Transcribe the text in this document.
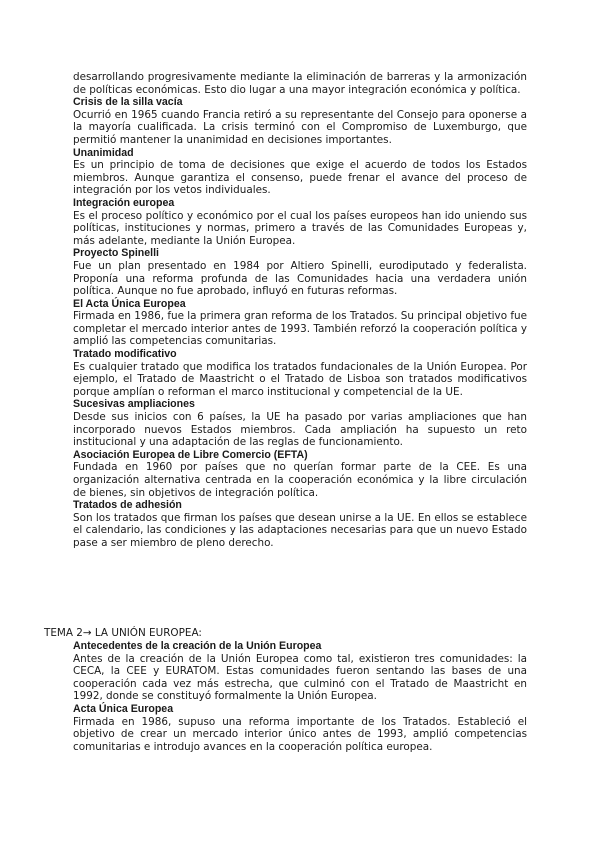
desarrollando progresivamente mediante la eliminación de barreras y la armonización de políticas económicas. Esto dio lugar a una mayor integración económica y política.

Crisis de la silla vacía

Ocurrió en 1965 cuando Francia retiró a su representante del Consejo para oponerse a la mayoría cualificada. La crisis terminó con el Compromiso de Luxemburgo, que permitió mantener la unanimidad en decisiones importantes.

Unanimidad

Es un principio de toma de decisiones que exige el acuerdo de todos los Estados miembros. Aunque garantiza el consenso, puede frenar el avance del proceso de integración por los vetos individuales.

Integración europea

Es el proceso político y económico por el cual los países europeos han ido uniendo sus políticas, instituciones y normas, primero a través de las Comunidades Europeas y, más adelante, mediante la Unión Europea.

Proyecto Spinelli

Fue un plan presentado en 1984 por Altiero Spinelli, eurodiputado y federalista. Proponía una reforma profunda de las Comunidades hacia una verdadera unión política. Aunque no fue aprobado, influyó en futuras reformas.

El Acta Única Europea

Firmada en 1986, fue la primera gran reforma de los Tratados. Su principal objetivo fue completar el mercado interior antes de 1993. También reforzó la cooperación política y amplió las competencias comunitarias.

Tratado modificativo

Es cualquier tratado que modifica los tratados fundacionales de la Unión Europea. Por ejemplo, el Tratado de Maastricht o el Tratado de Lisboa son tratados modificativos porque amplían o reforman el marco institucional y competencial de la UE.

Sucesivas ampliaciones

Desde sus inicios con 6 países, la UE ha pasado por varias ampliaciones que han incorporado nuevos Estados miembros. Cada ampliación ha supuesto un reto institucional y una adaptación de las reglas de funcionamiento.

Asociación Europea de Libre Comercio (EFTA)

Fundada en 1960 por países que no querían formar parte de la CEE. Es una organización alternativa centrada en la cooperación económica y la libre circulación de bienes, sin objetivos de integración política.

Tratados de adhesión

Son los tratados que firman los países que desean unirse a la UE. En ellos se establece el calendario, las condiciones y las adaptaciones necesarias para que un nuevo Estado pase a ser miembro de pleno derecho.

TEMA 2→ LA UNIÓN EUROPEA:

Antecedentes de la creación de la Unión Europea

Antes de la creación de la Unión Europea como tal, existieron tres comunidades: la CECA, la CEE y EURATOM. Estas comunidades fueron sentando las bases de una cooperación cada vez más estrecha, que culminó con el Tratado de Maastricht en 1992, donde se constituyó formalmente la Unión Europea.

Acta Única Europea

Firmada en 1986, supuso una reforma importante de los Tratados. Estableció el objetivo de crear un mercado interior único antes de 1993, amplió competencias comunitarias e introdujo avances en la cooperación política europea.
